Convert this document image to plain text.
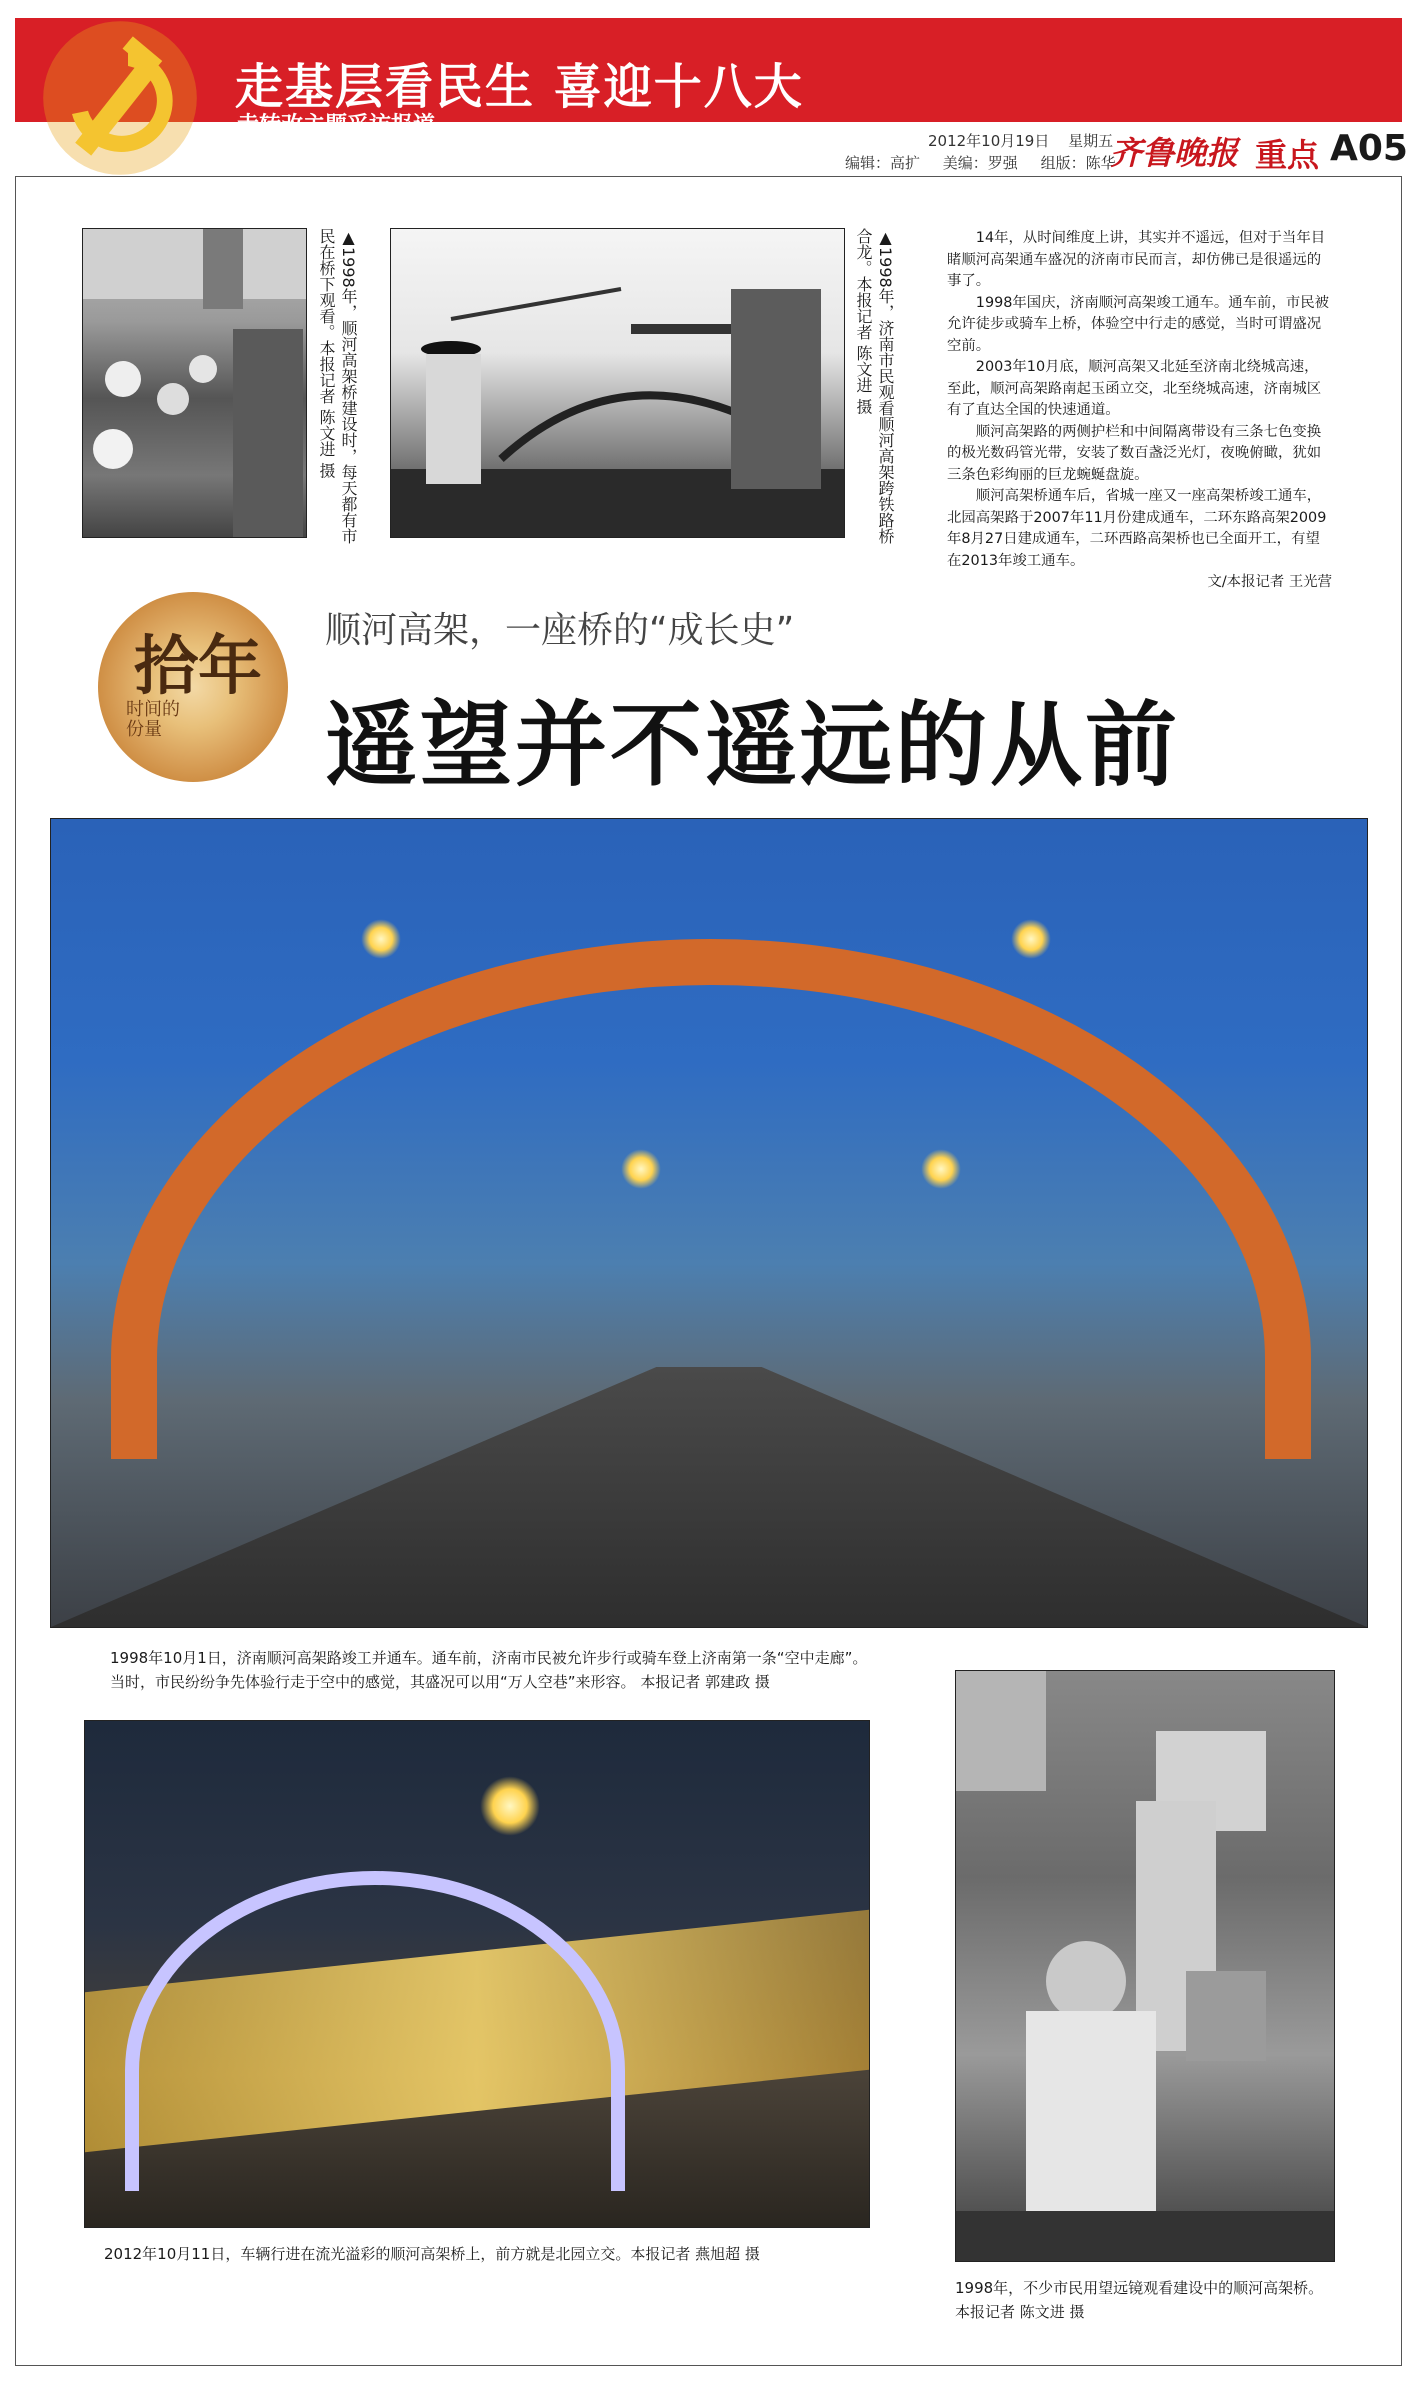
走基层看民生 喜迎十八大
走转改主题采访报道
2012年10月19日 星期五
编辑：高扩 美编：罗强 组版：陈华
齐鲁晚报 重点 A05
▲1998年，顺河高架桥建设时，每天都有市民在桥下观看。本报记者 陈文进 摄	▲1998年，济南市民观看顺河高架跨铁路桥合龙。本报记者 陈文进 摄	14年，从时间维度上讲，其实并不遥远，但对于当年目睹顺河高架通车盛况的济南市民而言，却仿佛已是很遥远的事了。

1998年国庆，济南顺河高架竣工通车。通车前，市民被允许徒步或骑车上桥，体验空中行走的感觉，当时可谓盛况空前。

2003年10月底，顺河高架又北延至济南北绕城高速，至此，顺河高架路南起玉函立交，北至绕城高速，济南城区有了直达全国的快速通道。

顺河高架路的两侧护栏和中间隔离带设有三条七色变换的极光数码管光带，安装了数百盏泛光灯，夜晚俯瞰，犹如三条色彩绚丽的巨龙蜿蜒盘旋。

顺河高架桥通车后，省城一座又一座高架桥竣工通车，北园高架路于2007年11月份建成通车，二环东路高架2009年8月27日建成通车，二环西路高架桥也已全面开工，有望在2013年竣工通车。

文/本报记者 王光营
拾年
时间的份量
顺河高架，一座桥的“成长史”
遥望并不遥远的从前
1998年10月1日，济南顺河高架路竣工并通车。通车前，济南市民被允许步行或骑车登上济南第一条“空中走廊”。当时，市民纷纷争先体验行走于空中的感觉，其盛况可以用“万人空巷”来形容。 本报记者 郭建政 摄
2012年10月11日，车辆行进在流光溢彩的顺河高架桥上，前方就是北园立交。本报记者 燕旭超 摄
1998年，不少市民用望远镜观看建设中的顺河高架桥。 本报记者 陈文进 摄
